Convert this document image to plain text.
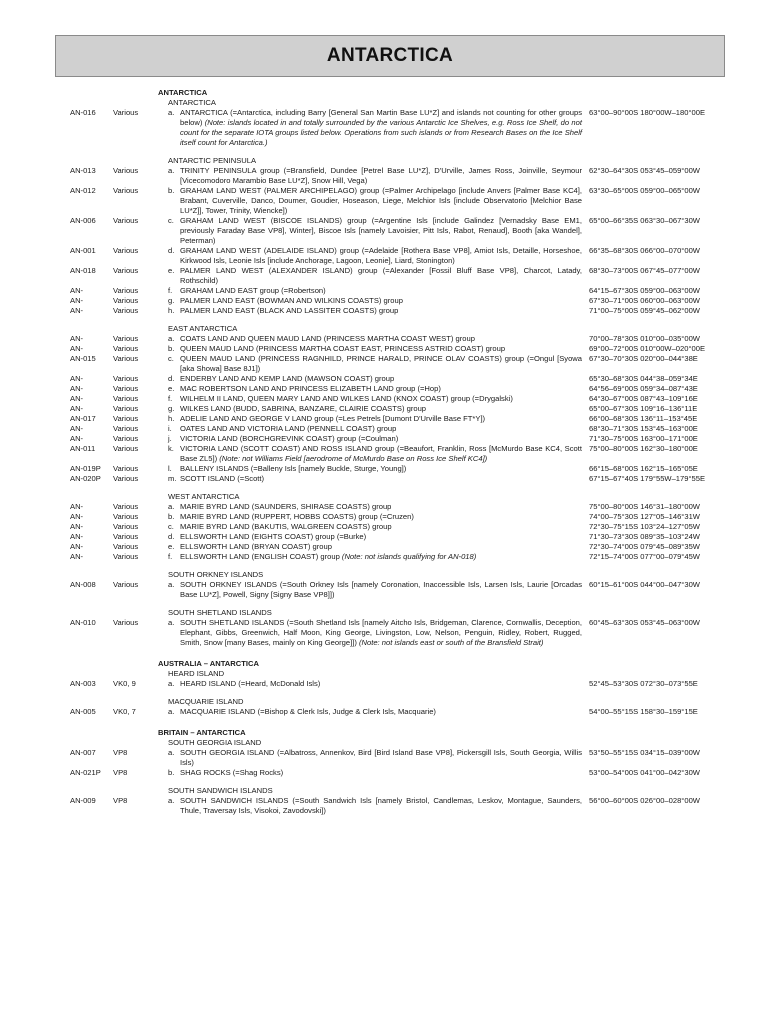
ANTARCTICA
ANTARCTICA
ANTARCTICA
AN-016 Various	a. ANTARCTICA (=Antarctica, including Barry [General San Martin Base LU*Z] and islands not counting for other groups below) (Note: islands located in and totally surrounded by the various Antarctic Ice Shelves, e.g. Ross Ice Shelf, do not count for the separate IOTA groups listed below. Operations from such islands or from Research Bases on the Ice Shelf itself count for Antarctica.)
63°00–90°00S 180°00W–180°00E
ANTARCTIC PENINSULA
AN-013 Various	a. TRINITY PENINSULA group (=Bransfield, Dundee [Petrel Base LU*Z], D'Urville, James Ross, Joinville, Seymour [Vicecomodoro Marambio Base LU*Z], Snow Hill, Vega)
62°30–64°30S 053°45–059°00W
AN-012 Various	b. GRAHAM LAND WEST (PALMER ARCHIPELAGO) group (=Palmer Archipelago [include Anvers [Palmer Base KC4], Brabant, Cuverville, Danco, Doumer, Goudier, Hoseason, Liege, Melchior Isls [include Observatorio [Melchior Base LU*Z]], Tower, Trinity, Wiencke])
63°30–65°00S 059°00–065°00W
AN-006 Various	c. GRAHAM LAND WEST (BISCOE ISLANDS) group (=Argentine Isls [include Galindez [Vernadsky Base EM1, previously Faraday Base VP8], Winter], Biscoe Isls [namely Lavoisier, Pitt Isls, Rabot, Renaud], Booth [aka Wandel], Peterman)
65°00–66°35S 063°30–067°30W
AN-001 Various	d. GRAHAM LAND WEST (ADELAIDE ISLAND) group (=Adelaide [Rothera Base VP8], Amiot Isls, Detaille, Horseshoe, Kirkwood Isls, Leonie Isls [include Anchorage, Lagoon, Leonie], Liard, Stonington)
66°35–68°30S 066°00–070°00W
AN-018 Various	e. PALMER LAND WEST (ALEXANDER ISLAND) group (=Alexander [Fossil Bluff Base VP8], Charcot, Latady, Rothschild)
68°30–73°00S 067°45–077°00W
AN-	Various	f. GRAHAM LAND EAST group (=Robertson)	64°15–67°30S 059°00–063°00W
AN-	Various	g. PALMER LAND EAST (BOWMAN AND WILKINS COASTS) group	67°30–71°00S 060°00–063°00W
AN-	Various	h. PALMER LAND EAST (BLACK AND LASSITER COASTS) group	71°00–75°00S 059°45–062°00W
EAST ANTARCTICA
AN-	Various	a. COATS LAND AND QUEEN MAUD LAND (PRINCESS MARTHA COAST WEST) group	70°00–78°30S 010°00–035°00W
AN-	Various	b. QUEEN MAUD LAND (PRINCESS MARTHA COAST EAST, PRINCESS ASTRID COAST) group	69°00–72°00S 010°00W–020°00E
AN-015 Various	c. QUEEN MAUD LAND (PRINCESS RAGNHILD, PRINCE HARALD, PRINCE OLAV COASTS) group (=Ongul [Syowa [aka Showa] Base 8J1])
67°30–70°30S 020°00–044°38E
AN-	Various	d. ENDERBY LAND AND KEMP LAND (MAWSON COAST) group	65°30–68°30S 044°38–059°34E
AN-	Various	e. MAC ROBERTSON LAND AND PRINCESS ELIZABETH LAND group (=Hop)	64°56–69°00S 059°34–087°43E
AN-	Various	f. WILHELM II LAND, QUEEN MARY LAND AND WILKES LAND (KNOX COAST) group (=Drygalski)	64°30–67°00S 087°43–109°16E
AN-	Various	g. WILKES LAND (BUDD, SABRINA, BANZARE, CLAIRIE COASTS) group	65°00–67°30S 109°16–136°11E
AN-017 Various	h. ADELIE LAND AND GEORGE V LAND group (=Les Petrels [Dumont D'Urville Base FT*Y])	66°00–68°30S 136°11–153°45E
AN-	Various	i. OATES LAND AND VICTORIA LAND (PENNELL COAST) group	68°30–71°30S 153°45–163°00E
AN-	Various	j. VICTORIA LAND (BORCHGREVINK COAST) group (=Coulman)	71°30–75°00S 163°00–171°00E
AN-011 Various	k. VICTORIA LAND (SCOTT COAST) AND ROSS ISLAND group (=Beaufort, Franklin, Ross [McMurdo Base KC4, Scott Base ZL5]) (Note: not Williams Field [aerodrome of McMurdo Base on Ross Ice Shelf KC4])
75°00–80°00S 162°30–180°00E
AN-019P Various	l. BALLENY ISLANDS (=Balleny Isls [namely Buckle, Sturge, Young])	66°15–68°00S 162°15–165°05E
AN-020P Various	m. SCOTT ISLAND (=Scott)	67°15–67°40S 179°55W–179°55E
WEST ANTARCTICA
AN-	Various	a. MARIE BYRD LAND (SAUNDERS, SHIRASE COASTS) group	75°00–80°00S 146°31–180°00W
AN-	Various	b. MARIE BYRD LAND (RUPPERT, HOBBS COASTS) group (=Cruzen)	74°00–75°30S 127°05–146°31W
AN-	Various	c. MARIE BYRD LAND (BAKUTIS, WALGREEN COASTS) group	72°30–75°15S 103°24–127°05W
AN-	Various	d. ELLSWORTH LAND (EIGHTS COAST) group (=Burke)	71°30–73°30S 089°35–103°24W
AN-	Various	e. ELLSWORTH LAND (BRYAN COAST) group	72°30–74°00S 079°45–089°35W
AN-	Various	f. ELLSWORTH LAND (ENGLISH COAST) group (Note: not islands qualifying for AN-018)	72°15–74°00S 077°00–079°45W
SOUTH ORKNEY ISLANDS
AN-008 Various	a. SOUTH ORKNEY ISLANDS (=South Orkney Isls [namely Coronation, Inaccessible Isls, Larsen Isls, Laurie [Orcadas Base LU*Z], Powell, Signy [Signy Base VP8]])
60°15–61°00S 044°00–047°30W
SOUTH SHETLAND ISLANDS
AN-010 Various	a. SOUTH SHETLAND ISLANDS (=South Shetland Isls [namely Aitcho Isls, Bridgeman, Clarence, Cornwallis, Deception, Elephant, Gibbs, Greenwich, Half Moon, King George, Livingston, Low, Nelson, Penguin, Ridley, Robert, Rugged, Smith, Snow [many Bases, mainly on King George]]) (Note: not islands east or south of the Bransfield Strait)
60°45–63°30S 053°45–063°00W
AUSTRALIA – ANTARCTICA
HEARD ISLAND
AN-003 VK0, 9	a. HEARD ISLAND (=Heard, McDonald Isls)	52°45–53°30S 072°30–073°55E
MACQUARIE ISLAND
AN-005 VK0, 7	a. MACQUARIE ISLAND (=Bishop & Clerk Isls, Judge & Clerk Isls, Macquarie)	54°00–55°15S 158°30–159°15E
BRITAIN – ANTARCTICA
SOUTH GEORGIA ISLAND
AN-007 VP8	a. SOUTH GEORGIA ISLAND (=Albatross, Annenkov, Bird [Bird Island Base VP8], Pickersgill Isls, South Georgia, Willis Isls)
53°50–55°15S 034°15–039°00W
AN-021P VP8	b. SHAG ROCKS (=Shag Rocks)	53°00–54°00S 041°00–042°30W
SOUTH SANDWICH ISLANDS
AN-009 VP8	a. SOUTH SANDWICH ISLANDS (=South Sandwich Isls [namely Bristol, Candlemas, Leskov, Montague, Saunders, Thule, Traversay Isls, Visokoi, Zavodovski])
56°00–60°00S 026°00–028°00W
